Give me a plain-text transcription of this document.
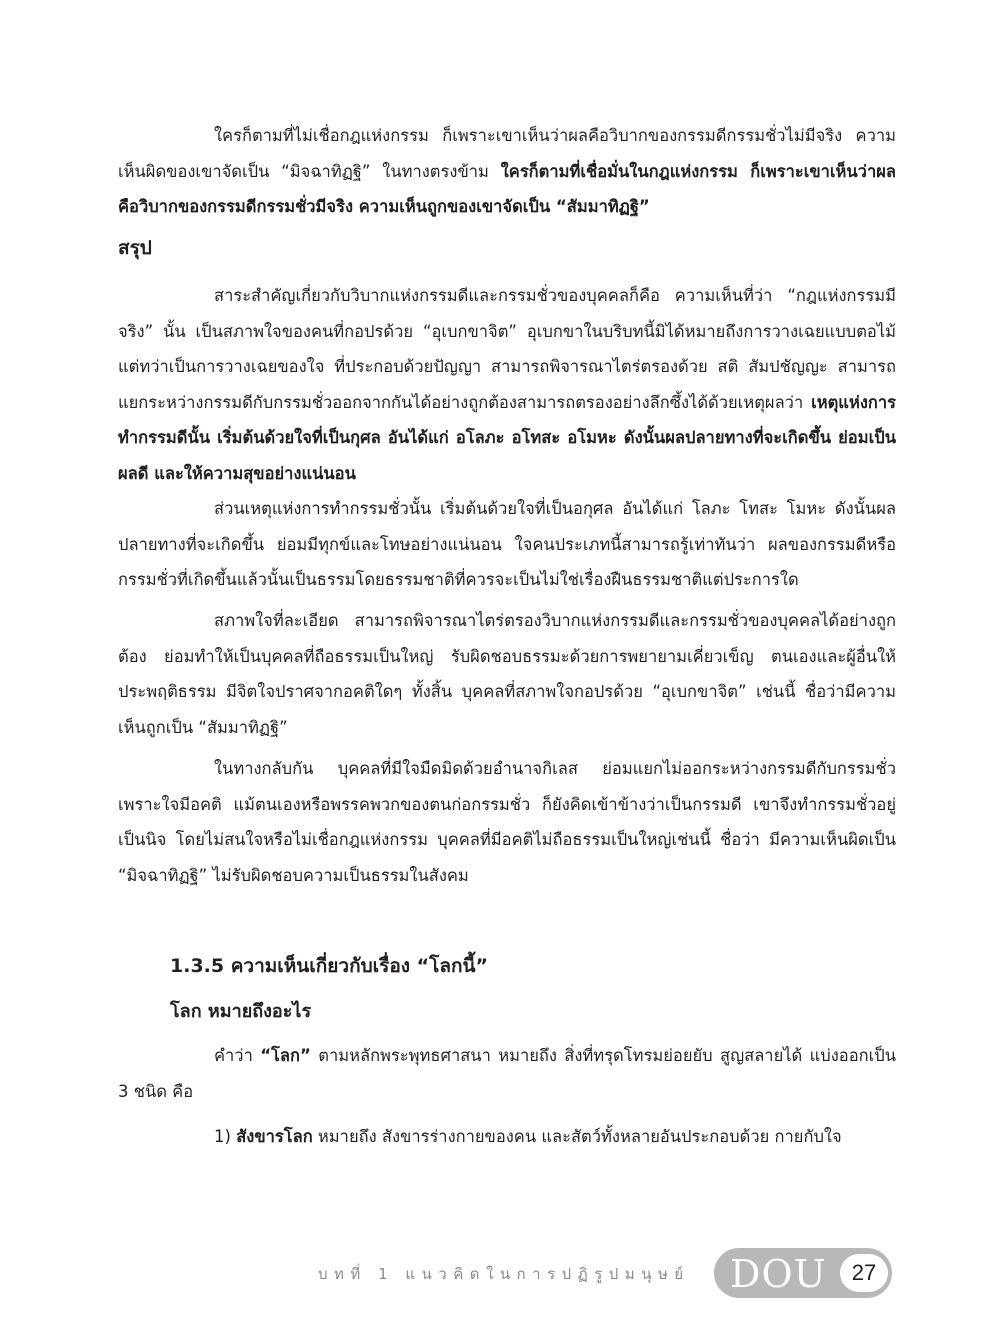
ใครก็ตามที่ไม่เชื่อกฎแห่งกรรม ก็เพราะเขาเห็นว่าผลคือวิบากของกรรมดีกรรมชั่วไม่มีจริง ความเห็นผิดของเขาจัดเป็น “มิจฉาทิฏฐิ” ในทางตรงข้าม ใครก็ตามที่เชื่อมั่นในกฎแห่งกรรม ก็เพราะเขาเห็นว่าผล คือวิบากของกรรมดีกรรมชั่วมีจริง ความเห็นถูกของเขาจัดเป็น “สัมมาทิฏฐิ”

สรุป

สาระสำคัญเกี่ยวกับวิบากแห่งกรรมดีและกรรมชั่วของบุคคลก็คือ ความเห็นที่ว่า “กฎแห่งกรรมมีจริง” นั้น เป็นสภาพใจของคนที่กอปรด้วย “อุเบกขาจิต” อุเบกขาในบริบทนี้มิได้หมายถึงการวางเฉยแบบตอไม้ แต่ทว่าเป็นการวางเฉยของใจ ที่ประกอบด้วยปัญญา สามารถพิจารณาไตร่ตรองด้วย สติ สัมปชัญญะ สามารถแยกระหว่างกรรมดีกับกรรมชั่วออกจากกันได้อย่างถูกต้องสามารถตรองอย่างลึกซึ้งได้ด้วยเหตุผลว่า เหตุแห่งการทำกรรมดีนั้น เริ่มต้นด้วยใจที่เป็นกุศล อันได้แก่ อโลภะ อโทสะ อโมหะ ดังนั้นผลปลายทางที่จะเกิดขึ้น ย่อมเป็นผลดี และให้ความสุขอย่างแน่นอน

ส่วนเหตุแห่งการทำกรรมชั่วนั้น เริ่มต้นด้วยใจที่เป็นอกุศล อันได้แก่ โลภะ โทสะ โมหะ ดังนั้นผลปลายทางที่จะเกิดขึ้น ย่อมมีทุกข์และโทษอย่างแน่นอน ใจคนประเภทนี้สามารถรู้เท่าทันว่า ผลของกรรมดีหรือกรรมชั่วที่เกิดขึ้นแล้วนั้นเป็นธรรมโดยธรรมชาติที่ควรจะเป็นไม่ใช่เรื่องฝืนธรรมชาติแต่ประการใด

สภาพใจที่ละเอียด สามารถพิจารณาไตร่ตรองวิบากแห่งกรรมดีและกรรมชั่วของบุคคลได้อย่างถูกต้อง ย่อมทำให้เป็นบุคคลที่ถือธรรมเป็นใหญ่ รับผิดชอบธรรมะด้วยการพยายามเคี่ยวเข็ญ ตนเองและผู้อื่นให้ประพฤติธรรม มีจิตใจปราศจากอคติใดๆ ทั้งสิ้น บุคคลที่สภาพใจกอปรด้วย “อุเบกขาจิต” เช่นนี้ ชื่อว่ามีความเห็นถูกเป็น “สัมมาทิฏฐิ”

ในทางกลับกัน บุคคลที่มีใจมืดมิดด้วยอำนาจกิเลส ย่อมแยกไม่ออกระหว่างกรรมดีกับกรรมชั่ว เพราะใจมีอคติ แม้ตนเองหรือพรรคพวกของตนก่อกรรมชั่ว ก็ยังคิดเข้าข้างว่าเป็นกรรมดี เขาจึงทำกรรมชั่วอยู่เป็นนิจ โดยไม่สนใจหรือไม่เชื่อกฎแห่งกรรม บุคคลที่มีอคติไม่ถือธรรมเป็นใหญ่เช่นนี้ ชื่อว่า มีความเห็นผิดเป็น “มิจฉาทิฏฐิ” ไม่รับผิดชอบความเป็นธรรมในสังคม

1.3.5 ความเห็นเกี่ยวกับเรื่อง “โลกนี้”
โลก หมายถึงอะไร

คำว่า “โลก” ตามหลักพระพุทธศาสนา หมายถึง สิ่งที่ทรุดโทรมย่อยยับ สูญสลายได้ แบ่งออกเป็น 3 ชนิด คือ

1) สังขารโลก หมายถึง สังขารร่างกายของคน และสัตว์ทั้งหลายอันประกอบด้วย กายกับใจ

บทที่ 1 แนวคิดในการปฏิรูปมนุษย์ DOU	27
